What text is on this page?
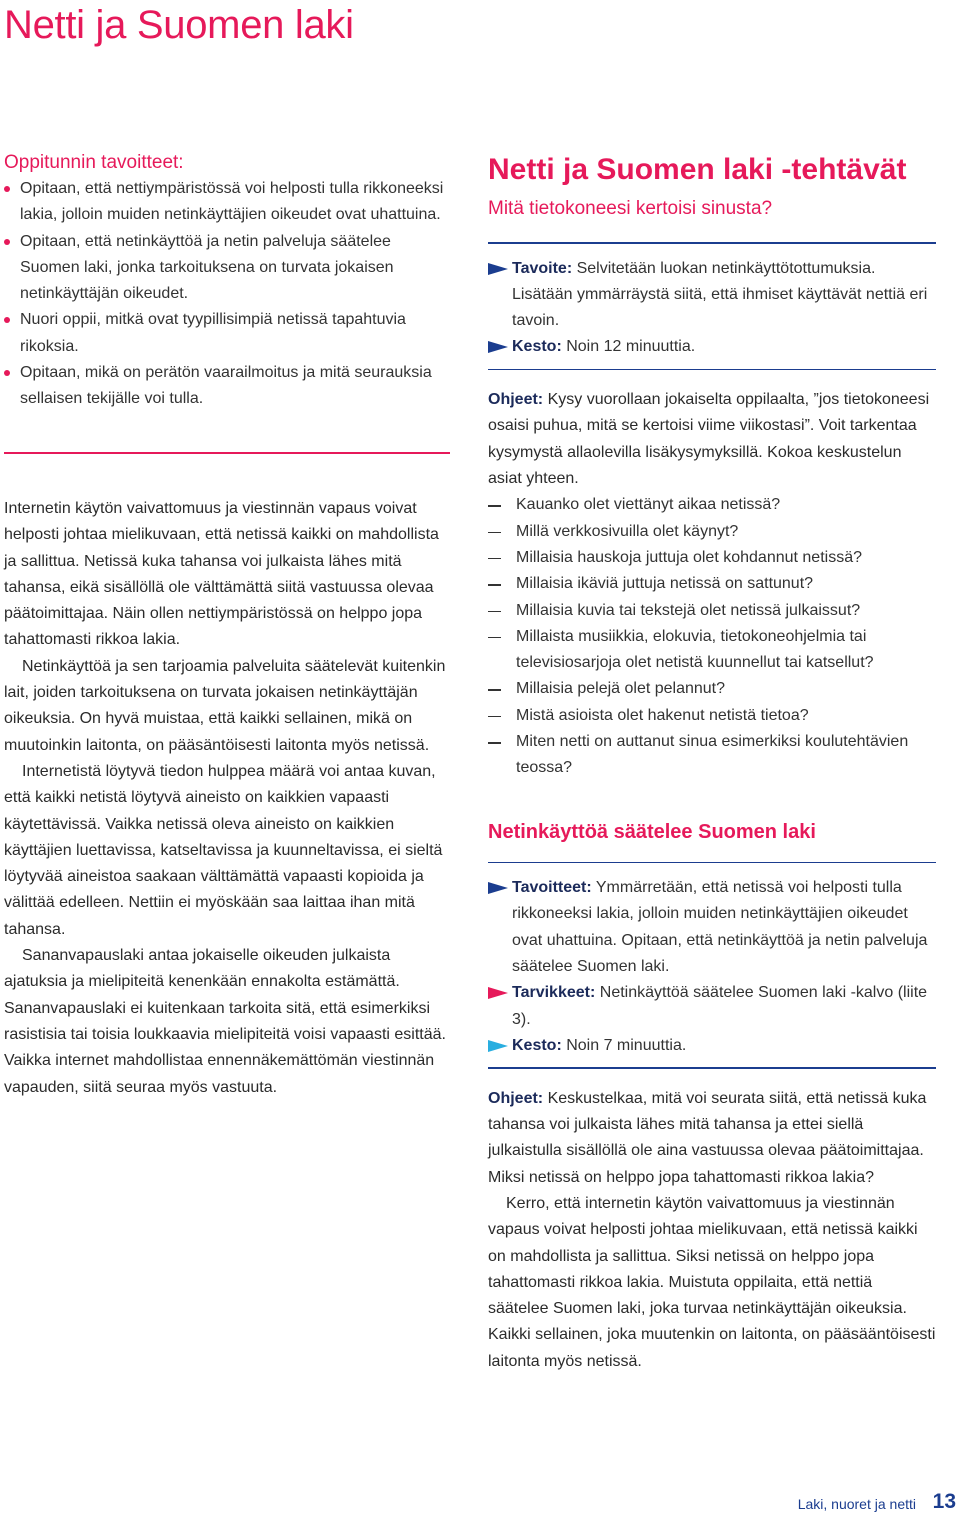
Netti ja Suomen laki

Oppitunnin tavoitteet:

Opitaan, että nettiympäristössä voi helposti tulla rikkoneeksi lakia, jolloin muiden netinkäyttäjien oikeudet ovat uhattuina.
Opitaan, että netinkäyttöä ja netin palveluja säätelee Suomen laki, jonka tarkoituksena on turvata jokaisen netinkäyttäjän oikeudet.
Nuori oppii, mitkä ovat tyypillisimpiä netissä tapahtuvia rikoksia.
Opitaan, mikä on perätön vaarailmoitus ja mitä seurauksia sellaisen tekijälle voi tulla.

Internetin käytön vaivattomuus ja viestinnän vapaus voivat helposti johtaa mielikuvaan, että netissä kaikki on mahdollista ja sallittua. Netissä kuka tahansa voi julkaista lähes mitä tahansa, eikä sisällöllä ole välttämättä siitä vastuussa olevaa päätoimittajaa. Näin ollen nettiympäristössä on helppo jopa tahattomasti rikkoa lakia.

Netinkäyttöä ja sen tarjoamia palveluita säätelevät kuitenkin lait, joiden tarkoituksena on turvata jokaisen netinkäyttäjän oikeuksia. On hyvä muistaa, että kaikki sellainen, mikä on muutoinkin laitonta, on pääsäntöisesti laitonta myös netissä.

Internetistä löytyvä tiedon hulppea määrä voi antaa kuvan, että kaikki netistä löytyvä aineisto on kaikkien vapaasti käytettävissä. Vaikka netissä oleva aineisto on kaikkien käyttäjien luettavissa, katseltavissa ja kuunneltavissa, ei sieltä löytyvää aineistoa saakaan välttämättä vapaasti kopioida ja välittää edelleen. Nettiin ei myöskään saa laittaa ihan mitä tahansa.

Sananvapauslaki antaa jokaiselle oikeuden julkaista ajatuksia ja mielipiteitä kenenkään ennakolta estämättä. Sananvapauslaki ei kuitenkaan tarkoita sitä, että esimerkiksi rasistisia tai toisia loukkaavia mielipiteitä voisi vapaasti esittää. Vaikka internet mahdollistaa ennennäkemättömän viestinnän vapauden, siitä seuraa myös vastuuta.

Netti ja Suomen laki -tehtävät

Mitä tietokoneesi kertoisi sinusta?

Tavoite: Selvitetään luokan netinkäyttötottumuksia. Lisätään ymmärräystä siitä, että ihmiset käyttävät nettiä eri tavoin.
Kesto: Noin 12 minuuttia.

Ohjeet: Kysy vuorollaan jokaiselta oppilaalta, ”jos tietokoneesi osaisi puhua, mitä se kertoisi viime viikostasi”. Voit tarkentaa kysymystä allaolevilla lisäkysymyksillä. Kokoa keskustelun asiat yhteen.

Kauanko olet viettänyt aikaa netissä?
Millä verkkosivuilla olet käynyt?
Millaisia hauskoja juttuja olet kohdannut netissä?
Millaisia ikäviä juttuja netissä on sattunut?
Millaisia kuvia tai tekstejä olet netissä julkaissut?
Millaista musiikkia, elokuvia, tietokoneohjelmia tai televisiosarjoja olet netistä kuunnellut tai katsellut?
Millaisia pelejä olet pelannut?
Mistä asioista olet hakenut netistä tietoa?
Miten netti on auttanut sinua esimerkiksi koulutehtävien teossa?
Netinkäyttöä säätelee Suomen laki
Tavoitteet: Ymmärretään, että netissä voi helposti tulla rikkoneeksi lakia, jolloin muiden netinkäyttäjien oikeudet ovat uhattuina. Opitaan, että netinkäyttöä ja netin palveluja säätelee Suomen laki.
Tarvikkeet: Netinkäyttöä säätelee Suomen laki -kalvo (liite 3).
Kesto: Noin 7 minuuttia.

Ohjeet: Keskustelkaa, mitä voi seurata siitä, että netissä kuka tahansa voi julkaista lähes mitä tahansa ja ettei siellä julkaistulla sisällöllä ole aina vastuussa olevaa päätoimittajaa. Miksi netissä on helppo jopa tahattomasti rikkoa lakia?

Kerro, että internetin käytön vaivattomuus ja viestinnän vapaus voivat helposti johtaa mielikuvaan, että netissä kaikki on mahdollista ja sallittua. Siksi netissä on helppo jopa tahattomasti rikkoa lakia. Muistuta oppilaita, että nettiä säätelee Suomen laki, joka turvaa netinkäyttäjän oikeuksia. Kaikki sellainen, joka muutenkin on laitonta, on pääsääntöisesti laitonta myös netissä.

Laki, nuoret ja netti 13
